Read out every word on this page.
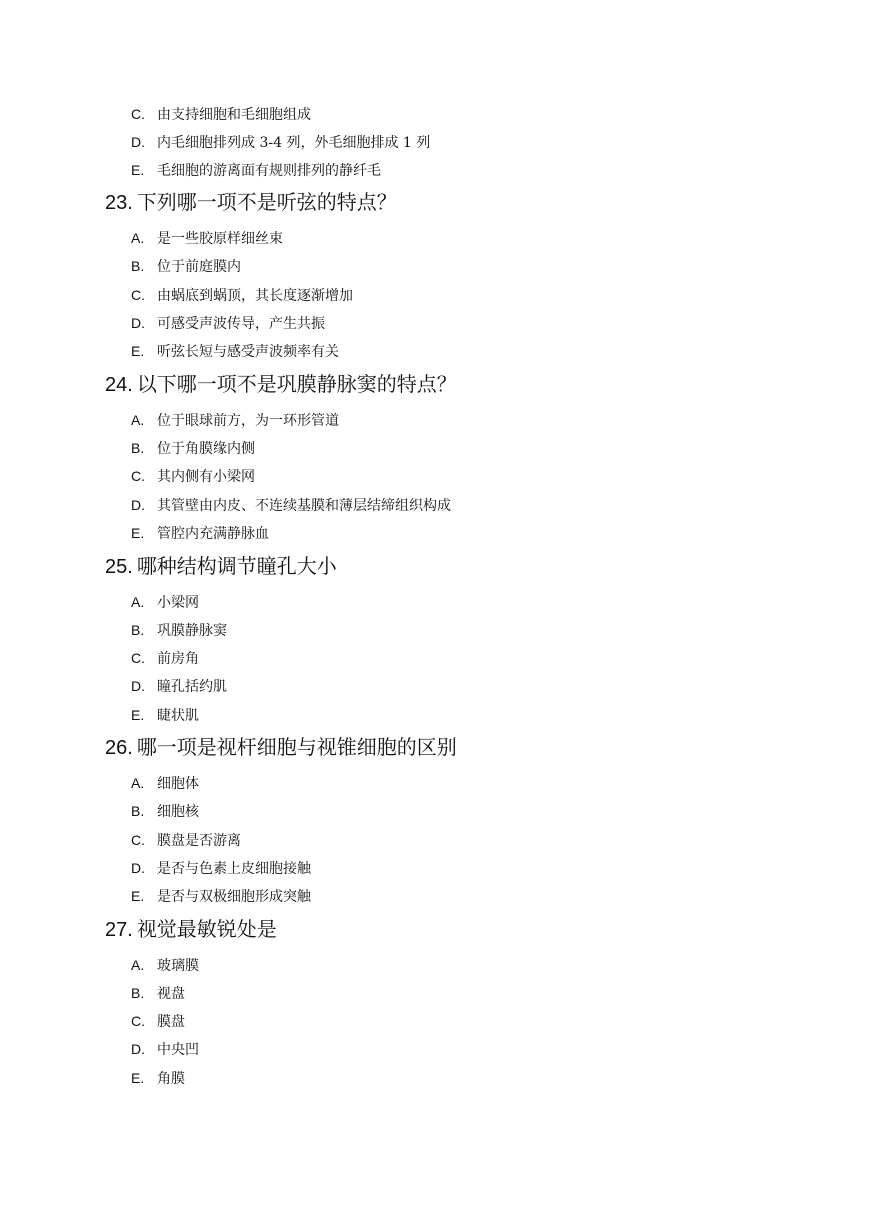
C. 由支持细胞和毛细胞组成
D. 内毛细胞排列成 3-4 列，外毛细胞排成 1 列
E. 毛细胞的游离面有规则排列的静纤毛
23. 下列哪一项不是听弦的特点？
A. 是一些胶原样细丝束
B. 位于前庭膜内
C. 由蜗底到蜗顶，其长度逐渐增加
D. 可感受声波传导，产生共振
E. 听弦长短与感受声波频率有关
24. 以下哪一项不是巩膜静脉窦的特点？
A. 位于眼球前方，为一环形管道
B. 位于角膜缘内侧
C. 其内侧有小梁网
D. 其管壁由内皮、不连续基膜和薄层结缔组织构成
E. 管腔内充满静脉血
25. 哪种结构调节瞳孔大小
A. 小梁网
B. 巩膜静脉窦
C. 前房角
D. 瞳孔括约肌
E. 睫状肌
26. 哪一项是视杆细胞与视锥细胞的区别
A. 细胞体
B. 细胞核
C. 膜盘是否游离
D. 是否与色素上皮细胞接触
E. 是否与双极细胞形成突触
27. 视觉最敏锐处是
A. 玻璃膜
B. 视盘
C. 膜盘
D. 中央凹
E. 角膜
